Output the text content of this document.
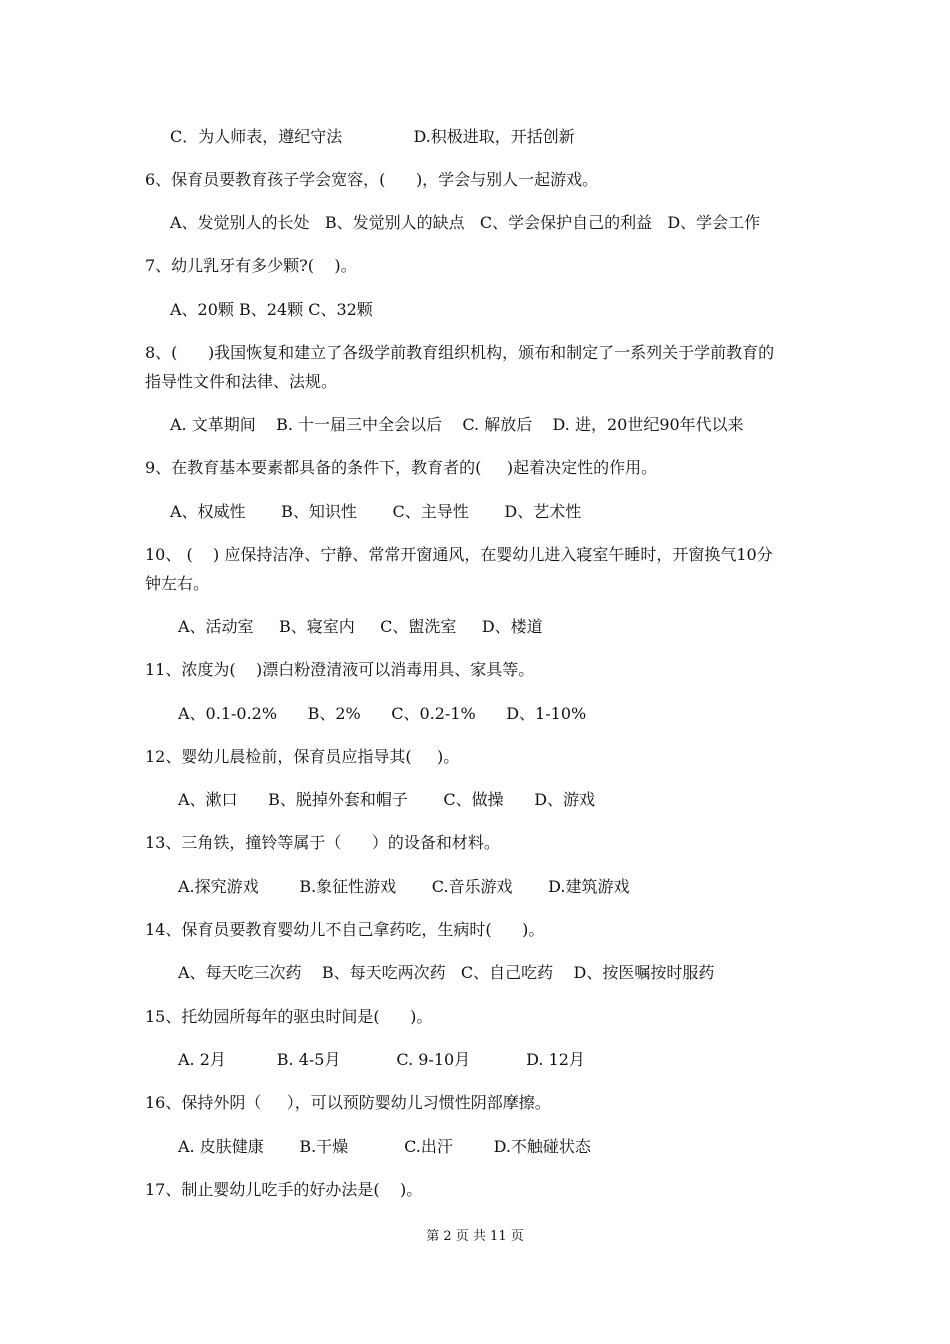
C．为人师表，遵纪守法              D.积极进取，开括创新
6、保育员要教育孩子学会宽容，(      )，学会与别人一起游戏。
A、发觉别人的长处   B、发觉别人的缺点   C、学会保护自己的利益   D、学会工作
7、幼儿乳牙有多少颗?(    )。
A、20颗 B、24颗 C、32颗
8、(      )我国恢复和建立了各级学前教育组织机构，颁布和制定了一系列关于学前教育的
指导性文件和法律、法规。
A. 文革期间    B. 十一届三中全会以后    C. 解放后    D. 进，20世纪90年代以来
9、在教育基本要素都具备的条件下，教育者的(     )起着决定性的作用。
A、权威性       B、知识性       C、主导性       D、艺术性
10、 (    ) 应保持洁净、宁静、常常开窗通风，在婴幼儿进入寝室午睡时，开窗换气10分
钟左右。
A、活动室     B、寝室内     C、盥洗室     D、楼道
11、浓度为(    )漂白粉澄清液可以消毒用具、家具等。
A、0.1-0.2%      B、2%      C、0.2-1%      D、1-10%
12、婴幼儿晨检前，保育员应指导其(     )。
A、漱口      B、脱掉外套和帽子       C、做操      D、游戏
13、三角铁，撞铃等属于（      ）的设备和材料。
A.探究游戏        B.象征性游戏       C.音乐游戏       D.建筑游戏
14、保育员要教育婴幼儿不自己拿药吃，生病时(      )。
A、每天吃三次药    B、每天吃两次药   C、自己吃药    D、按医嘱按时服药
15、托幼园所每年的驱虫时间是(      )。
A. 2月          B. 4-5月           C. 9-10月           D. 12月
16、保持外阴（     ），可以预防婴幼儿习惯性阴部摩擦。
A. 皮肤健康       B.干燥           C.出汗        D.不触碰状态
17、制止婴幼儿吃手的好办法是(    )。
第 2 页 共 11 页
